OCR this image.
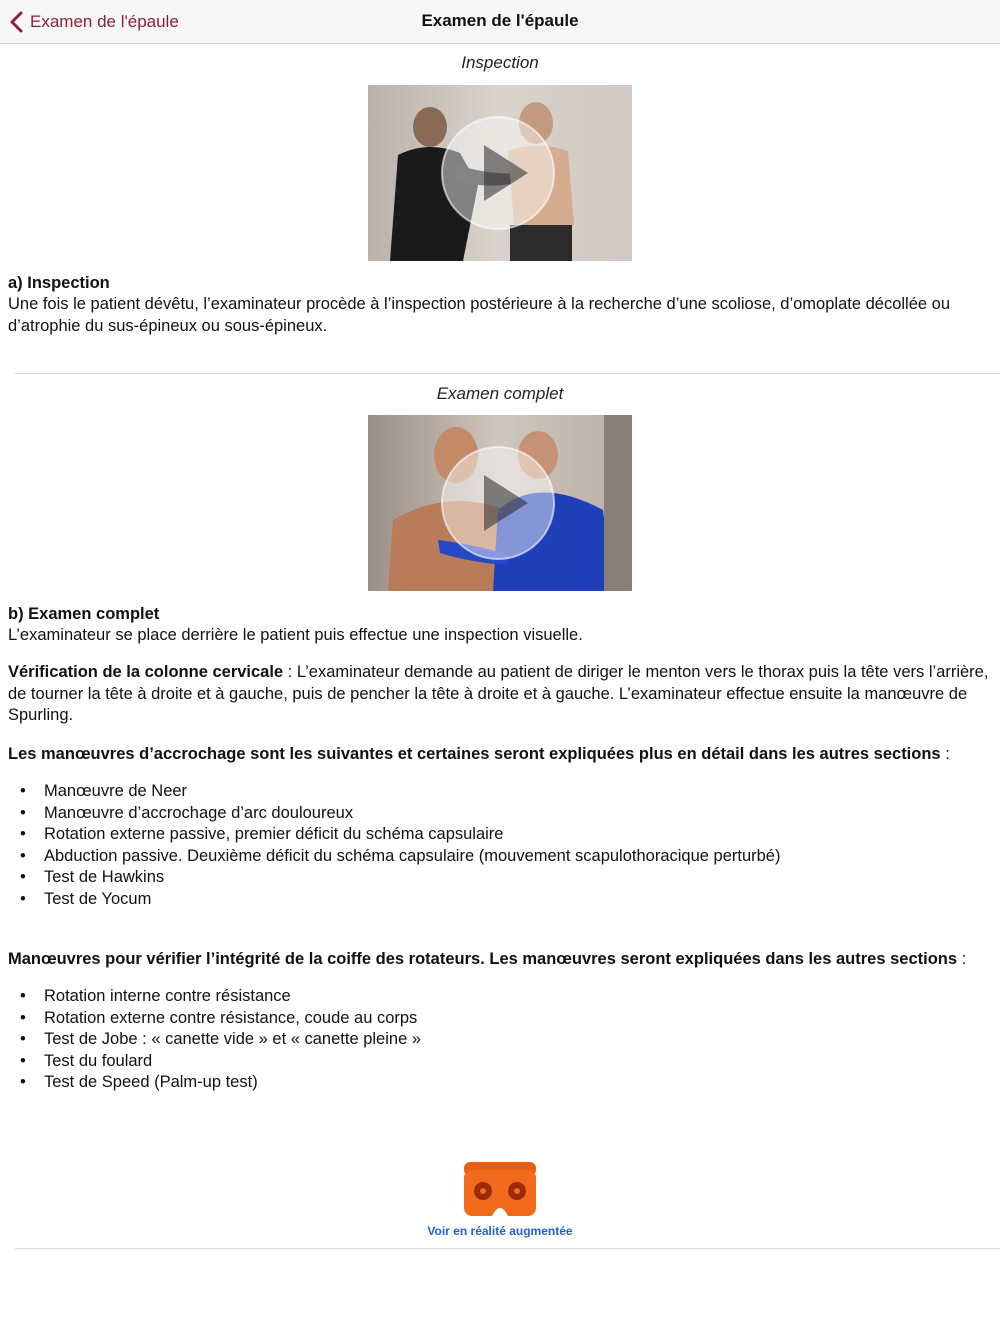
Examen de l'épaule	Examen de l'épaule
Inspection
a) Inspection
Une fois le patient dévêtu, l’examinateur procède à l’inspection postérieure à la recherche d’une scoliose, d’omoplate décollée ou d’atrophie du sus-épineux ou sous-épineux.
Examen complet
b) Examen complet
L’examinateur se place derrière le patient puis effectue une inspection visuelle.
Vérification de la colonne cervicale : L’examinateur demande au patient de diriger le menton vers le thorax puis la tête vers l’arrière, de tourner la tête à droite et à gauche, puis de pencher la tête à droite et à gauche. L’examinateur effectue ensuite la manœuvre de Spurling.
Les manœuvres d’accrochage sont les suivantes et certaines seront expliquées plus en détail dans les autres sections :
• Manœuvre de Neer
• Manœuvre d’accrochage d’arc douloureux
• Rotation externe passive, premier déficit du schéma capsulaire
• Abduction passive. Deuxième déficit du schéma capsulaire (mouvement scapulothoracique perturbé)
• Test de Hawkins
• Test de Yocum
Manœuvres pour vérifier l’intégrité de la coiffe des rotateurs. Les manœuvres seront expliquées dans les autres sections :
• Rotation interne contre résistance
• Rotation externe contre résistance, coude au corps
• Test de Jobe : « canette vide » et « canette pleine »
• Test du foulard
• Test de Speed (Palm-up test)
Voir en réalité augmentée
